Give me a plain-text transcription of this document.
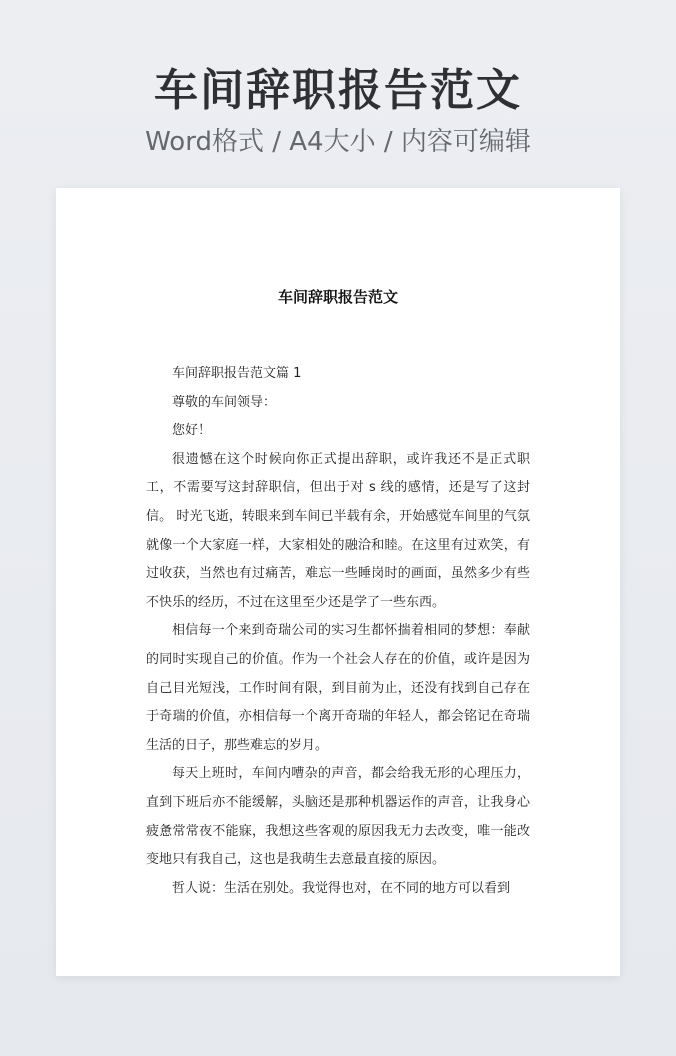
车间辞职报告范文
Word格式 / A4大小 / 内容可编辑
车间辞职报告范文

车间辞职报告范文篇 1

尊敬的车间领导：

您好！

很遗憾在这个时候向你正式提出辞职，或许我还不是正式职工，不需要写这封辞职信，但出于对 s 线的感情，还是写了这封信。 时光飞逝，转眼来到车间已半载有余，开始感觉车间里的气氛就像一个大家庭一样，大家相处的融洽和睦。在这里有过欢笑，有过收获，当然也有过痛苦，难忘一些睡岗时的画面，虽然多少有些不快乐的经历，不过在这里至少还是学了一些东西。

相信每一个来到奇瑞公司的实习生都怀揣着相同的梦想：奉献的同时实现自己的价值。作为一个社会人存在的价值，或许是因为自己目光短浅，工作时间有限，到目前为止，还没有找到自己存在于奇瑞的价值，亦相信每一个离开奇瑞的年轻人，都会铭记在奇瑞生活的日子，那些难忘的岁月。

每天上班时，车间内嘈杂的声音，都会给我无形的心理压力，直到下班后亦不能缓解，头脑还是那种机器运作的声音，让我身心疲惫常常夜不能寐，我想这些客观的原因我无力去改变，唯一能改变地只有我自己，这也是我萌生去意最直接的原因。

哲人说：生活在别处。我觉得也对，在不同的地方可以看到
